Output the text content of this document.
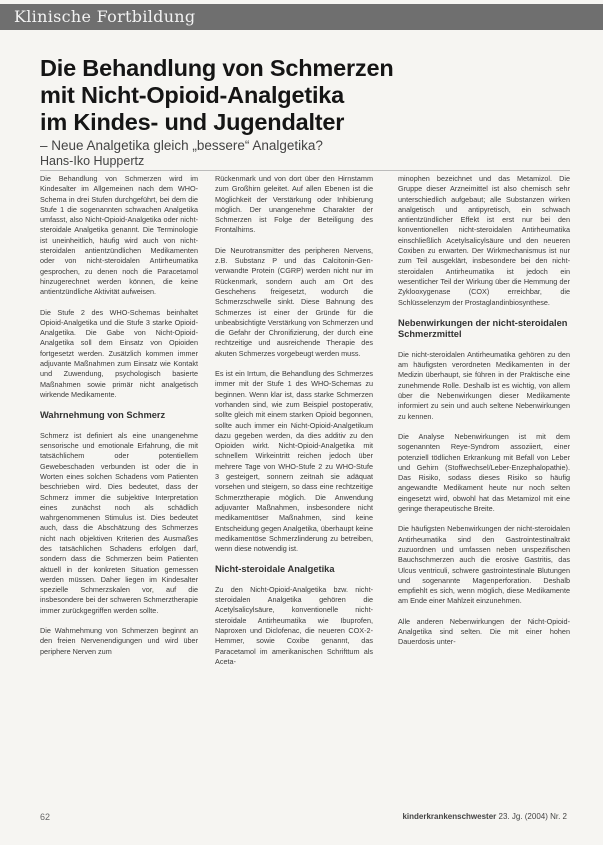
Klinische Fortbildung
Die Behandlung von Schmerzen
mit Nicht-Opioid-Analgetika
im Kindes- und Jugendalter
– Neue Analgetika gleich „bessere“ Analgetika?
Hans-Iko Huppertz

Die Behandlung von Schmerzen wird im Kindesalter im Allgemeinen nach dem WHO-Schema in drei Stufen durchgeführt, bei dem die Stufe 1 die sogenannten schwachen Analgetika umfasst, also Nicht-Opioid-Analgetika oder nicht-steroidale Analgetika genannt. Die Terminologie ist uneinheitlich, häufig wird auch von nicht-steroidalen antientzündlichen Medikamenten oder von nicht-steroidalen Antirheumatika gesprochen, zu denen noch die Paracetamol hinzugerechnet werden können, die keine antientzündliche Aktivität aufweisen.

Die Stufe 2 des WHO-Schemas beinhaltet Opioid-Analgetika und die Stufe 3 starke Opioid-Analgetika. Die Gabe von Nicht-Opioid-Analgetika soll dem Einsatz von Opioiden fortgesetzt werden. Zusätzlich kommen immer adjuvante Maßnahmen zum Einsatz wie Kontakt und Zuwendung, psychologisch basierte Maßnahmen sowie primär nicht analgetisch wirkende Medikamente.

Wahrnehmung von Schmerz

Schmerz ist definiert als eine unangenehme sensorische und emotionale Erfahrung, die mit tatsächlichem oder potentiellem Gewebeschaden verbunden ist oder die in Worten eines solchen Schadens vom Patienten beschrieben wird. Dies bedeutet, dass der Schmerz immer die subjektive Interpretation eines zunächst noch als schädlich wahrgenommenen Stimulus ist. Dies bedeutet auch, dass die Abschätzung des Schmerzes nicht nach objektiven Kriterien des Ausmaßes des tatsächlichen Schadens erfolgen darf, sondern dass die Schmerzen beim Patienten aktuell in der konkreten Situation gemessen werden müssen. Daher liegen im Kindesalter spezielle Schmerzskalen vor, auf die insbesondere bei der schweren Schmerztherapie immer zurückgegriffen werden sollte.

Die Wahrnehmung von Schmerzen beginnt an den freien Nervenendigungen und wird über periphere Nerven zum

Rückenmark und von dort über den Hirnstamm zum Großhirn geleitet. Auf allen Ebenen ist die Möglichkeit der Verstärkung oder Inhibierung möglich. Der unangenehme Charakter der Schmerzen ist Folge der Beteiligung des Frontalhirns.

Die Neurotransmitter des peripheren Nervens, z.B. Substanz P und das Calcitonin-Gen-verwandte Protein (CGRP) werden nicht nur im Rückenmark, sondern auch am Ort des Geschehens freigesetzt, wodurch die Schmerzschwelle sinkt. Diese Bahnung des Schmerzes ist einer der Gründe für die unbeabsichtigte Verstärkung von Schmerzen und die Gefahr der Chronifizierung, der durch eine rechtzeitige und ausreichende Therapie des akuten Schmerzes vorgebeugt werden muss.

Es ist ein Irrtum, die Behandlung des Schmerzes immer mit der Stufe 1 des WHO-Schemas zu beginnen. Wenn klar ist, dass starke Schmerzen vorhanden sind, wie zum Beispiel postoperativ, sollte gleich mit einem starken Opioid begonnen, sollte auch immer ein Nicht-Opioid-Analgetikum dazu gegeben werden, da dies additiv zu den Opioiden wirkt. Nicht-Opioid-Analgetika mit schnellem Wirkeintritt reichen jedoch über mehrere Tage von WHO-Stufe 2 zu WHO-Stufe 3 gesteigert, sonnern zeitnah sie adäquat vorsehen und steigern, so dass eine rechtzeitige Schmerztherapie möglich. Die Anwendung adjuvanter Maßnahmen, insbesondere nicht medikamentöser Maßnahmen, sind keine Entscheidung gegen Analgetika, überhaupt keine medikamentöse Schmerzlinderung zu betreiben, wenn diese notwendig ist.

Nicht-steroidale Analgetika

Zu den Nicht-Opioid-Analgetika bzw. nicht-steroidalen Analgetika gehören die Acetylsalicylsäure, konventionelle nicht-steroidale Antirheumatika wie Ibuprofen, Naproxen und Diclofenac, die neueren COX-2-Hemmer, sowie Coxibe genannt, das Paracetamol im amerikanischen Schrifttum als Aceta-

minophen bezeichnet und das Metamizol. Die Gruppe dieser Arzneimittel ist also chemisch sehr unterschiedlich aufgebaut; alle Substanzen wirken analgetisch und antipyretisch, ein schwach antientzündlicher Effekt ist erst nur bei den konventionellen nicht-steroidalen Antirheumatika einschließlich Acetylsalicylsäure und den neueren Coxiben zu erwarten. Der Wirkmechanismus ist nur zum Teil ausgeklärt, insbesondere bei den nicht-steroidalen Antirheumatika ist jedoch ein wesentlicher Teil der Wirkung über die Hemmung der Zyklooxygenase (COX) erreichbar, die Schlüsselenzym der Prostaglandinbiosynthese.

Nebenwirkungen der nicht-steroidalen Schmerzmittel

Die nicht-steroidalen Antirheumatika gehören zu den am häufigsten verordneten Medikamenten in der Medizin überhaupt, sie führen in der Praktische eine zunehmende Rolle. Deshalb ist es wichtig, von allem über die Nebenwirkungen dieser Medikamente informiert zu sein und auch seltene Nebenwirkungen zu kennen.

Die Analyse Nebenwirkungen ist mit dem sogenannten Reye-Syndrom assoziiert, einer potenziell tödlichen Erkrankung mit Befall von Leber und Gehirn (Stoffwechsel/Leber-Enzephalopathie). Das Risiko, sodass dieses Risiko so häufig angewandte Medikament heute nur noch selten eingesetzt wird, obwohl hat das Metamizol mit eine geringe therapeutische Breite.

Die häufigsten Nebenwirkungen der nicht-steroidalen Antirheumatika sind den Gastrointestinaltrakt zuzuordnen und umfassen neben unspezifischen Bauchschmerzen auch die erosive Gastritis, das Ulcus ventriculi, schwere gastrointestinale Blutungen und sogenannte Magenperforation. Deshalb empfiehlt es sich, wenn möglich, diese Medikamente am Ende einer Mahlzeit einzunehmen.

Alle anderen Nebenwirkungen der Nicht-Opioid-Analgetika sind selten. Die mit einer hohen Dauerdosis unter-

62	kinderkrankenschwester 23. Jg. (2004) Nr. 2
